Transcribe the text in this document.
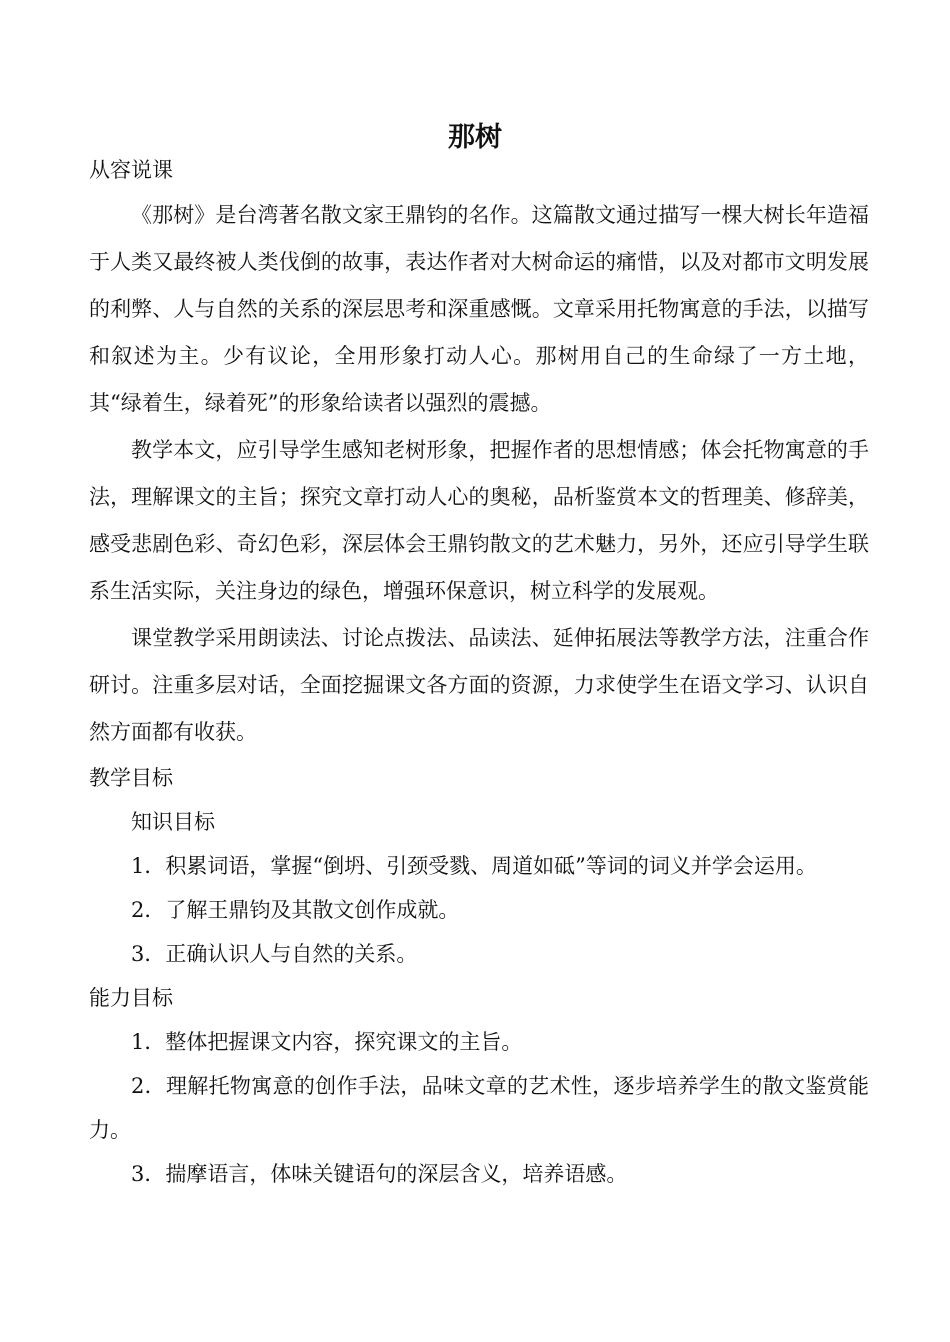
那树

从容说课

《那树》是台湾著名散文家王鼎钧的名作。这篇散文通过描写一棵大树长年造福于人类又最终被人类伐倒的故事，表达作者对大树命运的痛惜，以及对都市文明发展的利弊、人与自然的关系的深层思考和深重感慨。文章采用托物寓意的手法，以描写和叙述为主。少有议论，全用形象打动人心。那树用自己的生命绿了一方土地，其“绿着生，绿着死”的形象给读者以强烈的震撼。

教学本文，应引导学生感知老树形象，把握作者的思想情感；体会托物寓意的手法，理解课文的主旨；探究文章打动人心的奥秘，品析鉴赏本文的哲理美、修辞美，感受悲剧色彩、奇幻色彩，深层体会王鼎钧散文的艺术魅力，另外，还应引导学生联系生活实际，关注身边的绿色，增强环保意识，树立科学的发展观。

课堂教学采用朗读法、讨论点拨法、品读法、延伸拓展法等教学方法，注重合作研讨。注重多层对话，全面挖掘课文各方面的资源，力求使学生在语文学习、认识自然方面都有收获。

教学目标

知识目标

1．积累词语，掌握“倒坍、引颈受戮、周道如砥”等词的词义并学会运用。

2．了解王鼎钧及其散文创作成就。

3．正确认识人与自然的关系。

能力目标

1．整体把握课文内容，探究课文的主旨。

2．理解托物寓意的创作手法，品味文章的艺术性，逐步培养学生的散文鉴赏能力。

3．揣摩语言，体味关键语句的深层含义，培养语感。
